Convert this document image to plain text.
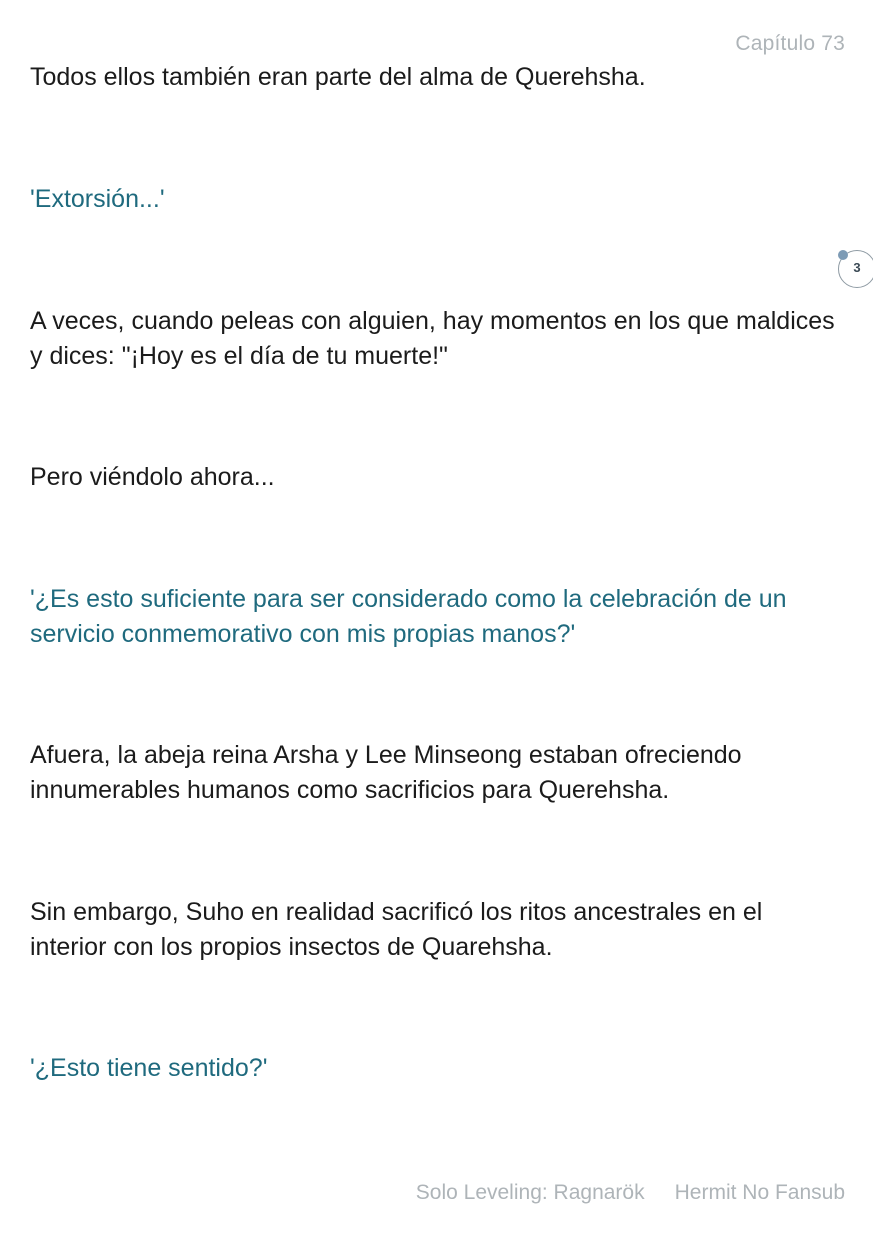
Capítulo 73

Todos ellos también eran parte del alma de Querehsha.

'Extorsión...'

A veces, cuando peleas con alguien, hay momentos en los que maldices y dices: "¡Hoy es el día de tu muerte!"

Pero viéndolo ahora...

'¿Es esto suficiente para ser considerado como la celebración de un servicio conmemorativo con mis propias manos?'

Afuera, la abeja reina Arsha y Lee Minseong estaban ofreciendo innumerables humanos como sacrificios para Querehsha.

Sin embargo, Suho en realidad sacrificó los ritos ancestrales en el interior con los propios insectos de Quarehsha.

'¿Esto tiene sentido?'

3
Solo Leveling: Ragnarök Hermit No Fansub
